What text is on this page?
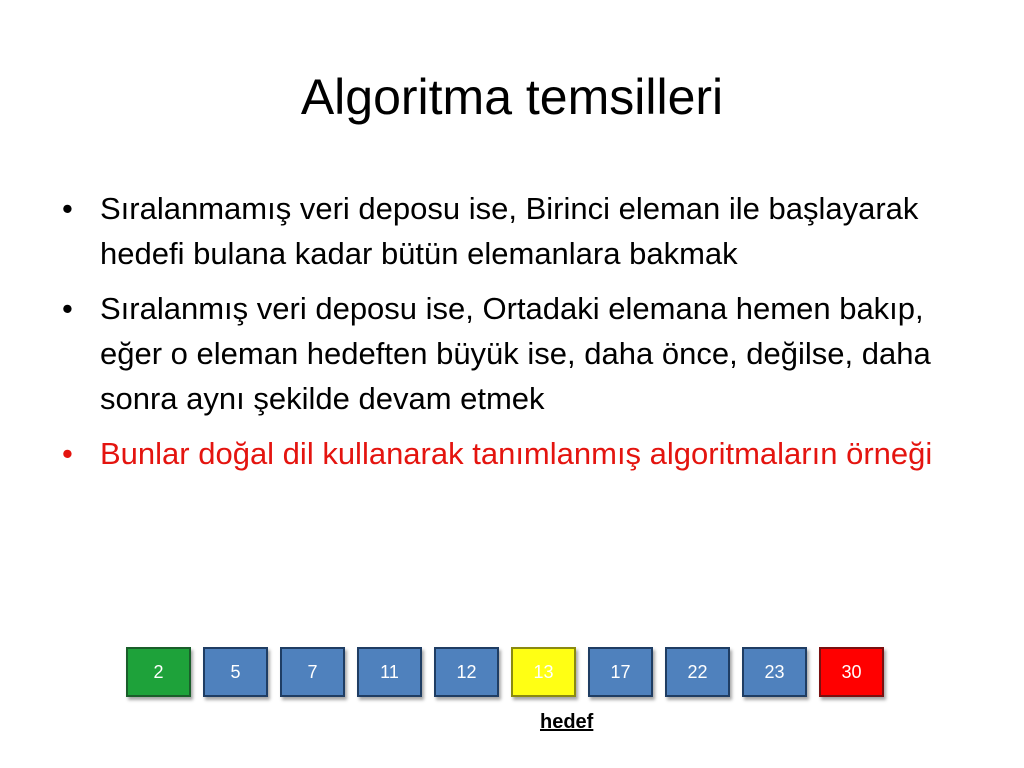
Algoritma temsilleri
• Sıralanmamış veri deposu ise, Birinci eleman ile başlayarak hedefi bulana kadar bütün elemanlara bakmak
• Sıralanmış veri deposu ise, Ortadaki elemana hemen bakıp, eğer o eleman hedeften büyük ise, daha önce, değilse, daha sonra aynı şekilde devam etmek
• Bunlar doğal dil kullanarak tanımlanmış algoritmaların örneği
2	5	7	11	12	13	17	22	23	30
hedef
